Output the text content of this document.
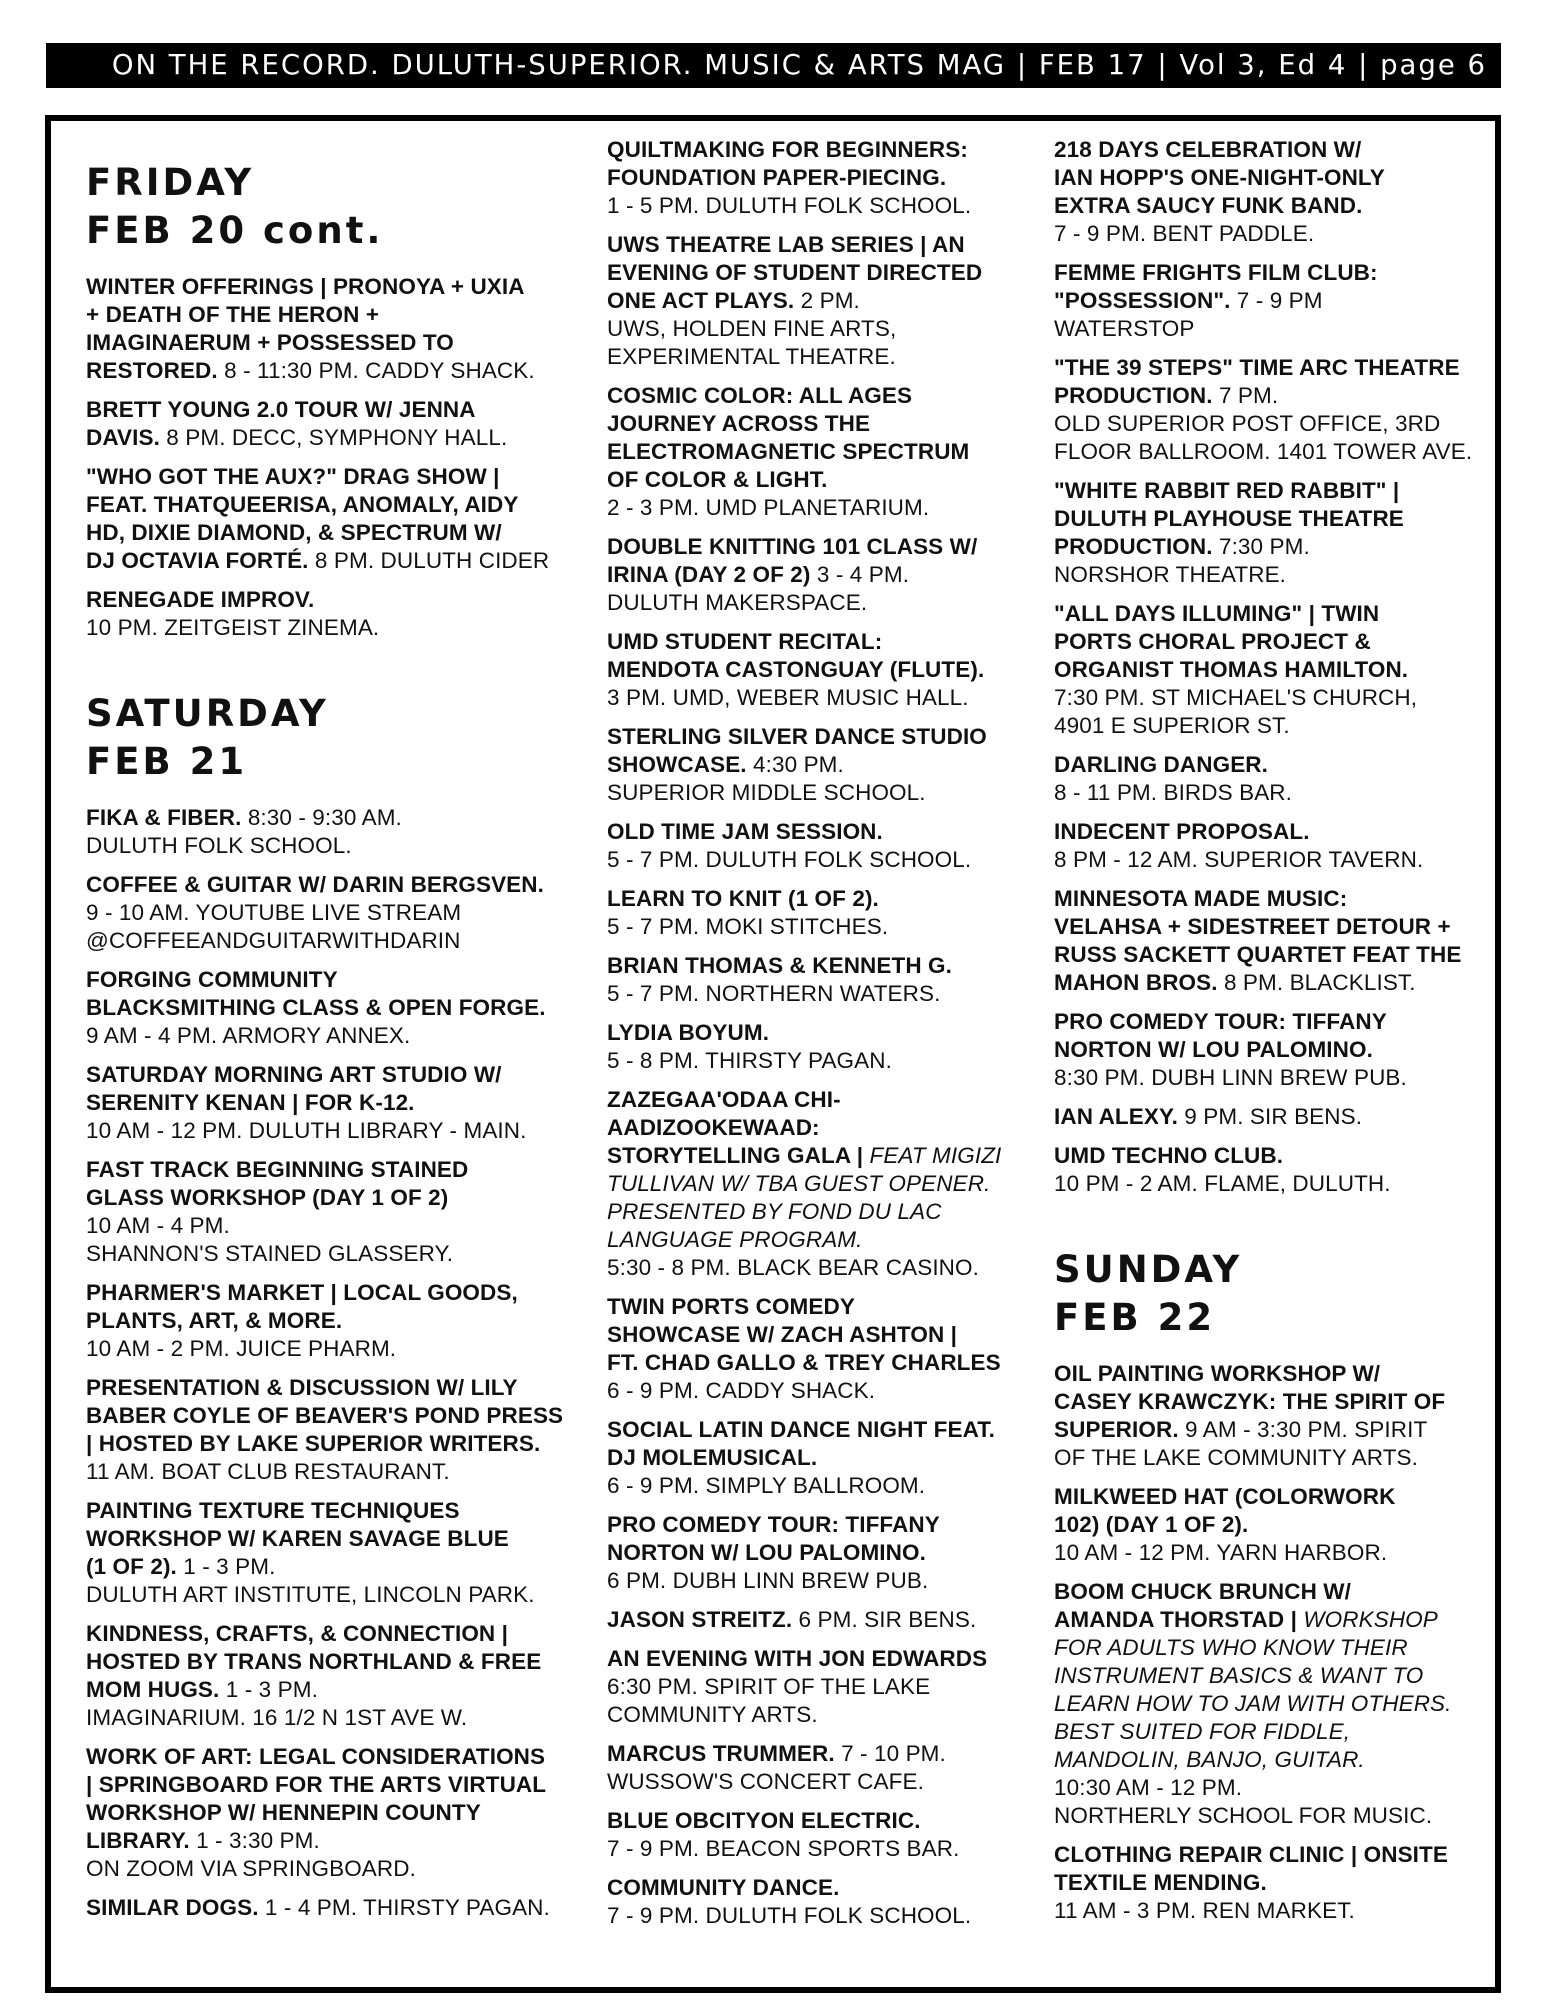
ON THE RECORD. DULUTH-SUPERIOR. MUSIC & ARTS MAG | FEB 17 | Vol 3, Ed 4 | page 6
FRIDAY
FEB 20 cont.
WINTER OFFERINGS | PRONOYA + UXIA
+ DEATH OF THE HERON +
IMAGINAERUM + POSSESSED TO
RESTORED. 8 - 11:30 PM. CADDY SHACK.
BRETT YOUNG 2.0 TOUR W/ JENNA
DAVIS. 8 PM. DECC, SYMPHONY HALL.
"WHO GOT THE AUX?" DRAG SHOW |
FEAT. THATQUEERISA, ANOMALY, AIDY
HD, DIXIE DIAMOND, & SPECTRUM W/
DJ OCTAVIA FORTÉ. 8 PM. DULUTH CIDER
RENEGADE IMPROV.
10 PM. ZEITGEIST ZINEMA.
SATURDAY
FEB 21
FIKA & FIBER. 8:30 - 9:30 AM.
DULUTH FOLK SCHOOL.
COFFEE & GUITAR W/ DARIN BERGSVEN.
9 - 10 AM. YOUTUBE LIVE STREAM
@COFFEEANDGUITARWITHDARIN
FORGING COMMUNITY
BLACKSMITHING CLASS & OPEN FORGE.
9 AM - 4 PM. ARMORY ANNEX.
SATURDAY MORNING ART STUDIO W/
SERENITY KENAN | FOR K-12.
10 AM - 12 PM. DULUTH LIBRARY - MAIN.
FAST TRACK BEGINNING STAINED
GLASS WORKSHOP (DAY 1 OF 2)
10 AM - 4 PM.
SHANNON'S STAINED GLASSERY.
PHARMER'S MARKET | LOCAL GOODS,
PLANTS, ART, & MORE.
10 AM - 2 PM. JUICE PHARM.
PRESENTATION & DISCUSSION W/ LILY
BABER COYLE OF BEAVER'S POND PRESS
| HOSTED BY LAKE SUPERIOR WRITERS.
11 AM. BOAT CLUB RESTAURANT.
PAINTING TEXTURE TECHNIQUES
WORKSHOP W/ KAREN SAVAGE BLUE
(1 OF 2). 1 - 3 PM.
DULUTH ART INSTITUTE, LINCOLN PARK.
KINDNESS, CRAFTS, & CONNECTION |
HOSTED BY TRANS NORTHLAND & FREE
MOM HUGS. 1 - 3 PM.
IMAGINARIUM. 16 1/2 N 1ST AVE W.
WORK OF ART: LEGAL CONSIDERATIONS
| SPRINGBOARD FOR THE ARTS VIRTUAL
WORKSHOP W/ HENNEPIN COUNTY
LIBRARY. 1 - 3:30 PM.
ON ZOOM VIA SPRINGBOARD.
SIMILAR DOGS. 1 - 4 PM. THIRSTY PAGAN.
QUILTMAKING FOR BEGINNERS:
FOUNDATION PAPER-PIECING.
1 - 5 PM. DULUTH FOLK SCHOOL.
UWS THEATRE LAB SERIES | AN
EVENING OF STUDENT DIRECTED
ONE ACT PLAYS. 2 PM.
UWS, HOLDEN FINE ARTS,
EXPERIMENTAL THEATRE.
COSMIC COLOR: ALL AGES
JOURNEY ACROSS THE
ELECTROMAGNETIC SPECTRUM
OF COLOR & LIGHT.
2 - 3 PM. UMD PLANETARIUM.
DOUBLE KNITTING 101 CLASS W/
IRINA (DAY 2 OF 2) 3 - 4 PM.
DULUTH MAKERSPACE.
UMD STUDENT RECITAL:
MENDOTA CASTONGUAY (FLUTE).
3 PM. UMD, WEBER MUSIC HALL.
STERLING SILVER DANCE STUDIO
SHOWCASE. 4:30 PM.
SUPERIOR MIDDLE SCHOOL.
OLD TIME JAM SESSION.
5 - 7 PM. DULUTH FOLK SCHOOL.
LEARN TO KNIT (1 OF 2).
5 - 7 PM. MOKI STITCHES.
BRIAN THOMAS & KENNETH G.
5 - 7 PM. NORTHERN WATERS.
LYDIA BOYUM.
5 - 8 PM. THIRSTY PAGAN.
ZAZEGAA'ODAA CHI-
AADIZOOKEWAAD:
STORYTELLING GALA | FEAT MIGIZI
TULLIVAN W/ TBA GUEST OPENER.
PRESENTED BY FOND DU LAC
LANGUAGE PROGRAM.
5:30 - 8 PM. BLACK BEAR CASINO.
TWIN PORTS COMEDY
SHOWCASE W/ ZACH ASHTON |
FT. CHAD GALLO & TREY CHARLES
6 - 9 PM. CADDY SHACK.
SOCIAL LATIN DANCE NIGHT FEAT.
DJ MOLEMUSICAL.
6 - 9 PM. SIMPLY BALLROOM.
PRO COMEDY TOUR: TIFFANY
NORTON W/ LOU PALOMINO.
6 PM. DUBH LINN BREW PUB.
JASON STREITZ. 6 PM. SIR BENS.
AN EVENING WITH JON EDWARDS
6:30 PM. SPIRIT OF THE LAKE
COMMUNITY ARTS.
MARCUS TRUMMER. 7 - 10 PM.
WUSSOW'S CONCERT CAFE.
BLUE OBCITYON ELECTRIC.
7 - 9 PM. BEACON SPORTS BAR.
COMMUNITY DANCE.
7 - 9 PM. DULUTH FOLK SCHOOL.
218 DAYS CELEBRATION W/
IAN HOPP'S ONE-NIGHT-ONLY
EXTRA SAUCY FUNK BAND.
7 - 9 PM. BENT PADDLE.
FEMME FRIGHTS FILM CLUB:
"POSSESSION". 7 - 9 PM
WATERSTOP
"THE 39 STEPS" TIME ARC THEATRE
PRODUCTION. 7 PM.
OLD SUPERIOR POST OFFICE, 3RD
FLOOR BALLROOM. 1401 TOWER AVE.
"WHITE RABBIT RED RABBIT" |
DULUTH PLAYHOUSE THEATRE
PRODUCTION. 7:30 PM.
NORSHOR THEATRE.
"ALL DAYS ILLUMING" | TWIN
PORTS CHORAL PROJECT &
ORGANIST THOMAS HAMILTON.
7:30 PM. ST MICHAEL'S CHURCH,
4901 E SUPERIOR ST.
DARLING DANGER.
8 - 11 PM. BIRDS BAR.
INDECENT PROPOSAL.
8 PM - 12 AM. SUPERIOR TAVERN.
MINNESOTA MADE MUSIC:
VELAHSA + SIDESTREET DETOUR +
RUSS SACKETT QUARTET FEAT THE
MAHON BROS. 8 PM. BLACKLIST.
PRO COMEDY TOUR: TIFFANY
NORTON W/ LOU PALOMINO.
8:30 PM. DUBH LINN BREW PUB.
IAN ALEXY. 9 PM. SIR BENS.
UMD TECHNO CLUB.
10 PM - 2 AM. FLAME, DULUTH.
SUNDAY
FEB 22
OIL PAINTING WORKSHOP W/
CASEY KRAWCZYK: THE SPIRIT OF
SUPERIOR. 9 AM - 3:30 PM. SPIRIT
OF THE LAKE COMMUNITY ARTS.
MILKWEED HAT (COLORWORK
102) (DAY 1 OF 2).
10 AM - 12 PM. YARN HARBOR.
BOOM CHUCK BRUNCH W/
AMANDA THORSTAD | WORKSHOP
FOR ADULTS WHO KNOW THEIR
INSTRUMENT BASICS & WANT TO
LEARN HOW TO JAM WITH OTHERS.
BEST SUITED FOR FIDDLE,
MANDOLIN, BANJO, GUITAR.
10:30 AM - 12 PM.
NORTHERLY SCHOOL FOR MUSIC.
CLOTHING REPAIR CLINIC | ONSITE
TEXTILE MENDING.
11 AM - 3 PM. REN MARKET.
